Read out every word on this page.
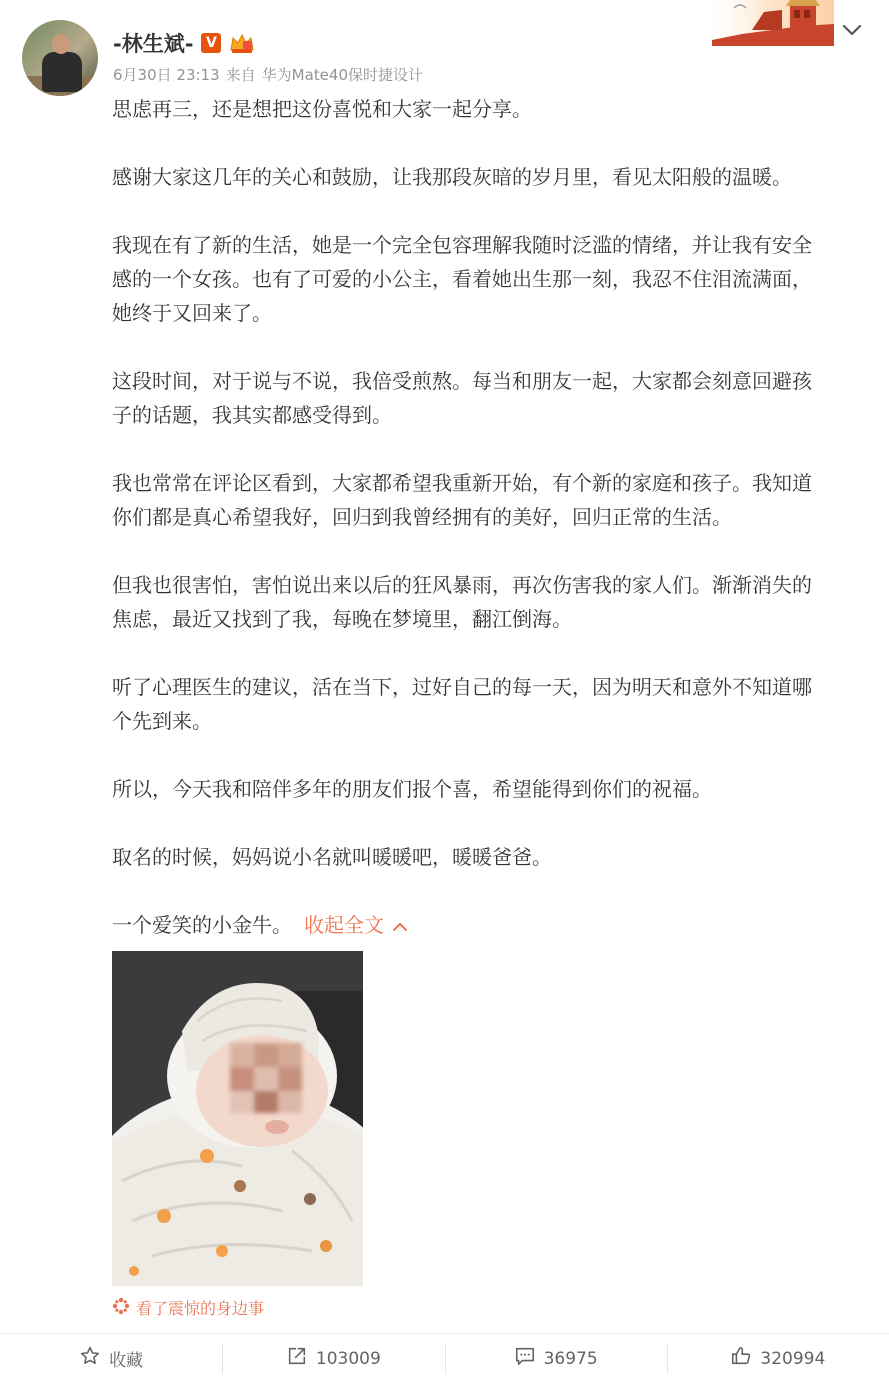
-林生斌- V
6月30日 23:13 来自 华为Mate40保时捷设计

思虑再三，还是想把这份喜悦和大家一起分享。

感谢大家这几年的关心和鼓励，让我那段灰暗的岁月里，看见太阳般的温暖。

我现在有了新的生活，她是一个完全包容理解我随时泛滥的情绪，并让我有安全
感的一个女孩。也有了可爱的小公主，看着她出生那一刻，我忍不住泪流满面，
她终于又回来了。

这段时间，对于说与不说，我倍受煎熬。每当和朋友一起，大家都会刻意回避孩
子的话题，我其实都感受得到。

我也常常在评论区看到，大家都希望我重新开始，有个新的家庭和孩子。我知道
你们都是真心希望我好，回归到我曾经拥有的美好，回归正常的生活。

但我也很害怕，害怕说出来以后的狂风暴雨，再次伤害我的家人们。渐渐消失的
焦虑，最近又找到了我，每晚在梦境里，翻江倒海。

听了心理医生的建议，活在当下，过好自己的每一天，因为明天和意外不知道哪
个先到来。

所以，今天我和陪伴多年的朋友们报个喜，希望能得到你们的祝福。

取名的时候，妈妈说小名就叫暖暖吧，暖暖爸爸。

一个爱笑的小金牛。 收起全文

看了震惊的身边事
收藏	103009	36975	320994
